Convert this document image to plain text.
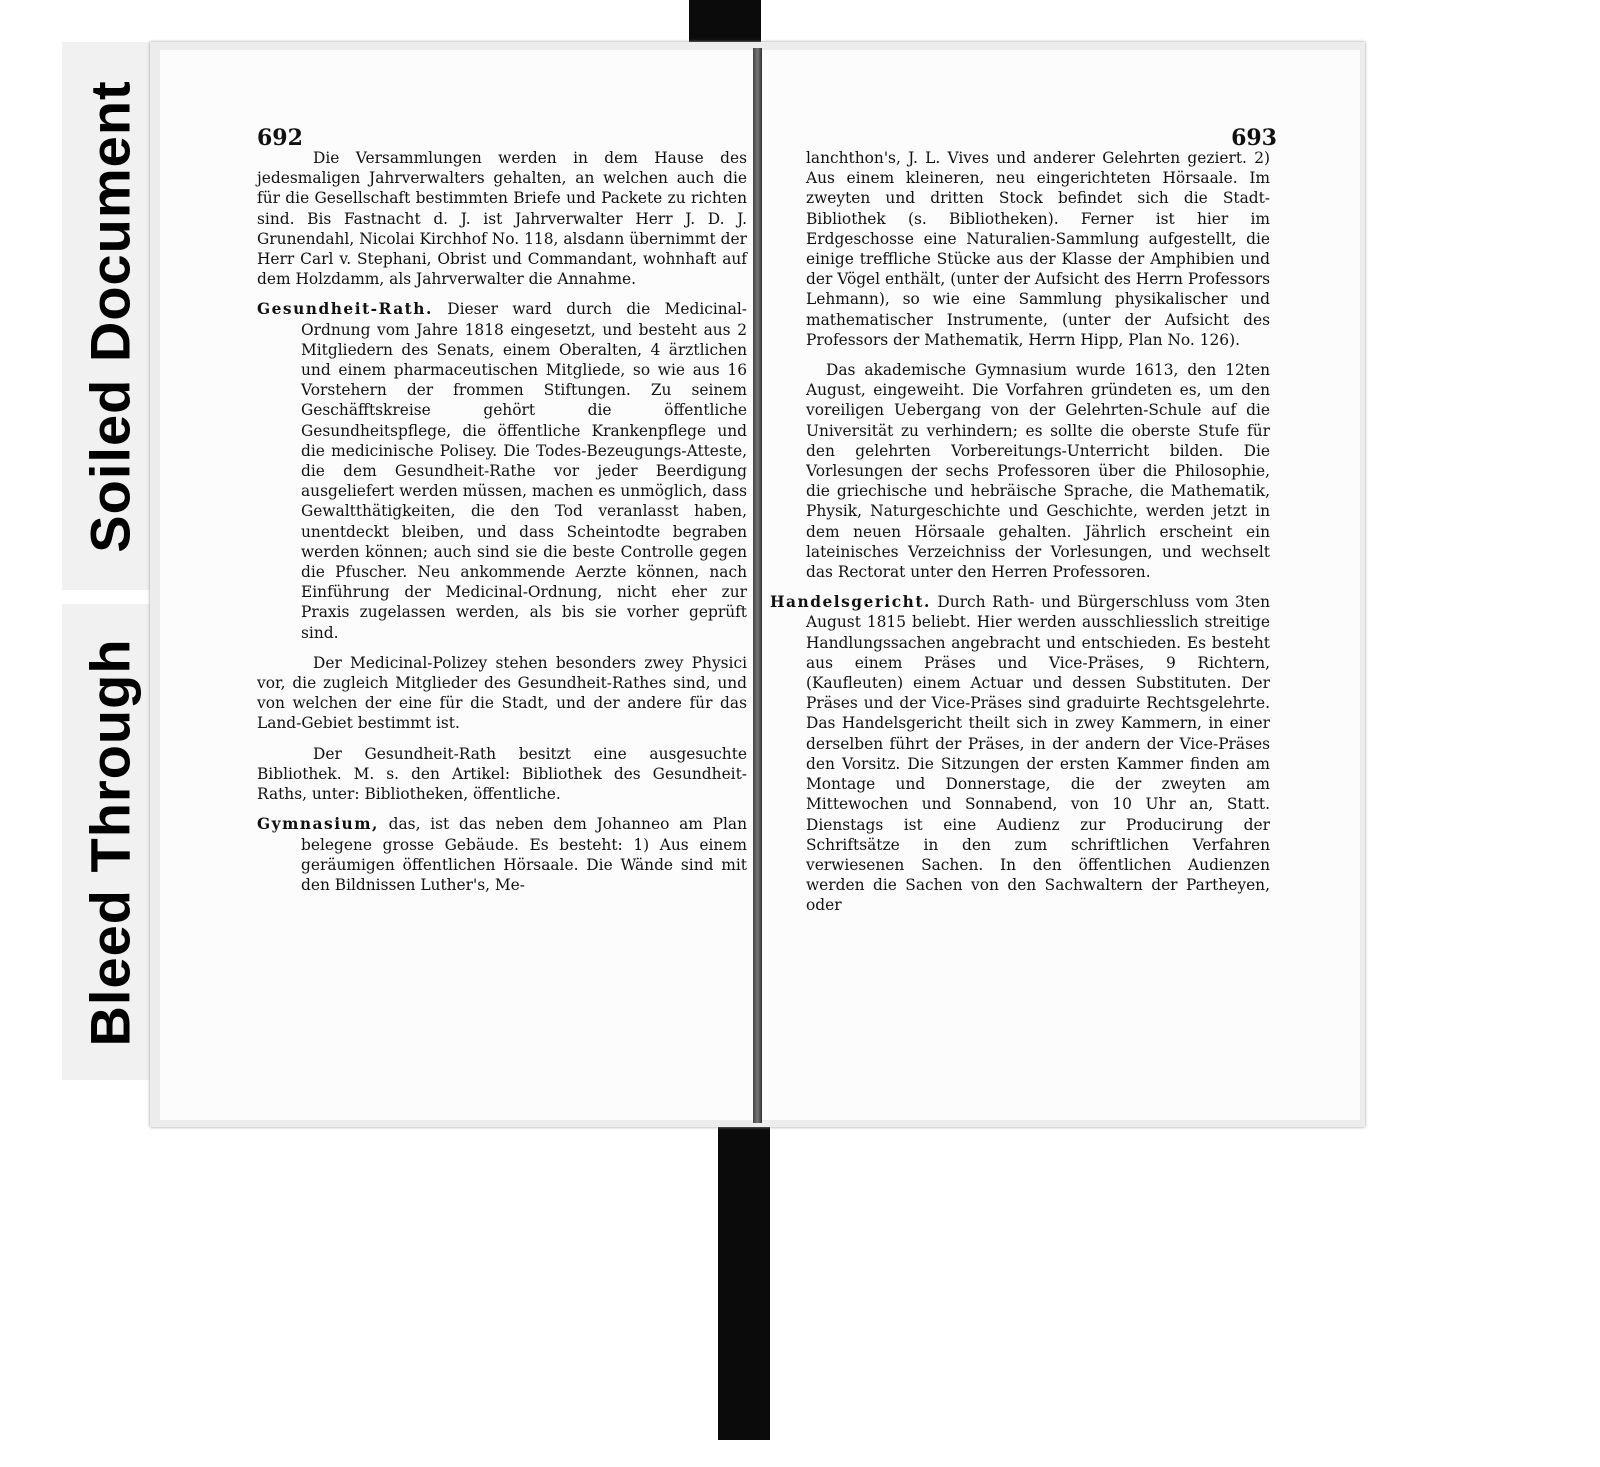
Soiled Document
Bleed Through
692

Die Versammlungen werden in dem Hause des jedesmaligen Jahrverwalters gehalten, an welchen auch die für die Gesellschaft bestimmten Briefe und Packete zu richten sind. Bis Fastnacht d. J. ist Jahrverwalter Herr J. D. J. Grunendahl, Nicolai Kirchhof No. 118, alsdann übernimmt der Herr Carl v. Stephani, Obrist und Commandant, wohnhaft auf dem Holzdamm, als Jahrverwalter die Annahme.

Gesundheit-Rath. Dieser ward durch die Medicinal-Ordnung vom Jahre 1818 eingesetzt, und besteht aus 2 Mitgliedern des Senats, einem Oberalten, 4 ärztlichen und einem pharmaceutischen Mitgliede, so wie aus 16 Vorstehern der frommen Stiftungen. Zu seinem Geschäfftskreise gehört die öffentliche Gesundheitspflege, die öffentliche Krankenpflege und die medicinische Polisey. Die Todes-Bezeugungs-Atteste, die dem Gesundheit-Rathe vor jeder Beerdigung ausgeliefert werden müssen, machen es unmöglich, dass Gewaltthätigkeiten, die den Tod veranlasst haben, unentdeckt bleiben, und dass Scheintodte begraben werden können; auch sind sie die beste Controlle gegen die Pfuscher. Neu ankommende Aerzte können, nach Einführung der Medicinal-Ordnung, nicht eher zur Praxis zugelassen werden, als bis sie vorher geprüft sind.

Der Medicinal-Polizey stehen besonders zwey Physici vor, die zugleich Mitglieder des Gesundheit-Rathes sind, und von welchen der eine für die Stadt, und der andere für das Land-Gebiet bestimmt ist.

Der Gesundheit-Rath besitzt eine ausgesuchte Bibliothek. M. s. den Artikel: Bibliothek des Gesundheit-Raths, unter: Bibliotheken, öffentliche.

Gymnasium, das, ist das neben dem Johanneo am Plan belegene grosse Gebäude. Es besteht: 1) Aus einem geräumigen öffentlichen Hörsaale. Die Wände sind mit den Bildnissen Luther's, Me-

693

lanchthon's, J. L. Vives und anderer Gelehrten geziert. 2) Aus einem kleineren, neu eingerichteten Hörsaale. Im zweyten und dritten Stock befindet sich die Stadt-Bibliothek (s. Bibliotheken). Ferner ist hier im Erdgeschosse eine Naturalien-Sammlung aufgestellt, die einige treffliche Stücke aus der Klasse der Amphibien und der Vögel enthält, (unter der Aufsicht des Herrn Professors Lehmann), so wie eine Sammlung physikalischer und mathematischer Instrumente, (unter der Aufsicht des Professors der Mathematik, Herrn Hipp, Plan No. 126).

Das akademische Gymnasium wurde 1613, den 12ten August, eingeweiht. Die Vorfahren gründeten es, um den voreiligen Uebergang von der Gelehrten-Schule auf die Universität zu verhindern; es sollte die oberste Stufe für den gelehrten Vorbereitungs-Unterricht bilden. Die Vorlesungen der sechs Professoren über die Philosophie, die griechische und hebräische Sprache, die Mathematik, Physik, Naturgeschichte und Geschichte, werden jetzt in dem neuen Hörsaale gehalten. Jährlich erscheint ein lateinisches Verzeichniss der Vorlesungen, und wechselt das Rectorat unter den Herren Professoren.

Handelsgericht. Durch Rath- und Bürgerschluss vom 3ten August 1815 beliebt. Hier werden ausschliesslich streitige Handlungssachen angebracht und entschieden. Es besteht aus einem Präses und Vice-Präses, 9 Richtern, (Kaufleuten) einem Actuar und dessen Substituten. Der Präses und der Vice-Präses sind graduirte Rechtsgelehrte. Das Handelsgericht theilt sich in zwey Kammern, in einer derselben führt der Präses, in der andern der Vice-Präses den Vorsitz. Die Sitzungen der ersten Kammer finden am Montage und Donnerstage, die der zweyten am Mittewochen und Sonnabend, von 10 Uhr an, Statt. Dienstags ist eine Audienz zur Producirung der Schriftsätze in den zum schriftlichen Verfahren verwiesenen Sachen. In den öffentlichen Audienzen werden die Sachen von den Sachwaltern der Partheyen, oder
